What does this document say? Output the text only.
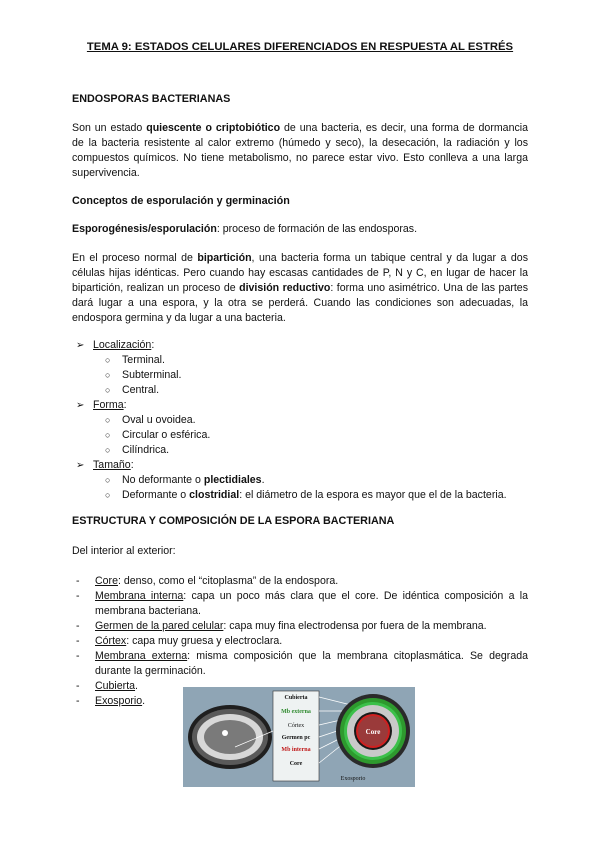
TEMA 9: ESTADOS CELULARES DIFERENCIADOS EN RESPUESTA AL ESTRÉS

ENDOSPORAS BACTERIANAS

Son un estado quiescente o criptobiótico de una bacteria, es decir, una forma de dormancia de la bacteria resistente al calor extremo (húmedo y seco), la desecación, la radiación y los compuestos químicos. No tiene metabolismo, no parece estar vivo. Esto conlleva a una larga supervivencia.

Conceptos de esporulación y germinación

Esporogénesis/esporulación: proceso de formación de las endosporas.

En el proceso normal de bipartición, una bacteria forma un tabique central y da lugar a dos células hijas idénticas. Pero cuando hay escasas cantidades de P, N y C, en lugar de hacer la bipartición, realizan un proceso de división reductivo: forma uno asimétrico. Una de las partes dará lugar a una espora, y la otra se perderá. Cuando las condiciones son adecuadas, la endospora germina y da lugar a una bacteria.

➢ Localización:
○ Terminal.
○ Subterminal.
○ Central.
➢ Forma:
○ Oval u ovoidea.
○ Circular o esférica.
○ Cilíndrica.
➢ Tamaño:
○ No deformante o plectidiales.
○ Deformante o clostridial: el diámetro de la espora es mayor que el de la bacteria.

ESTRUCTURA Y COMPOSICIÓN DE LA ESPORA BACTERIANA

Del interior al exterior:

- Core: denso, como el “citoplasma” de la endospora.
- Membrana interna: capa un poco más clara que el core. De idéntica composición a la membrana bacteriana.
- Germen de la pared celular: capa muy fina electrodensa por fuera de la membrana.
- Córtex: capa muy gruesa y electroclara.
- Membrana externa: misma composición que la membrana citoplasmática. Se degrada durante la germinación.
- Cubierta.
- Exosporio.	Cubierta
Mb externa
Córtex
Germen pc
Mb interna
Core
Core
Exosporio
